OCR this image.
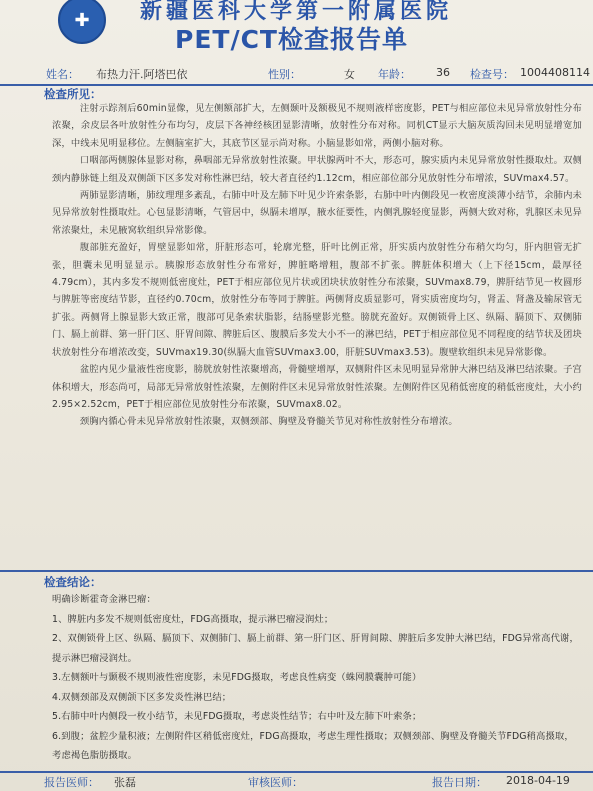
✚	新疆医科大学第一附属医院
PET/CT检查报告单
姓名： 布热力汗.阿塔巴依	性别：	女 年龄： 36 检查号： 1004408114
检查所见：

注射示踪剂后60min显像，见左侧额部扩大，左侧颞叶及额极见不规则液样密度影，PET与相应部位未见异常放射性分布浓聚，余皮层各叶放射性分布均匀，皮层下各神经核团显影清晰，放射性分布对称。同机CT显示大脑灰质沟回未见明显增宽加深，中线未见明显移位。左侧脑室扩大，其底节区显示尚对称。小脑显影如常，两侧小脑对称。

口咽部两侧腺体显影对称，鼻咽部无异常放射性浓聚。甲状腺两叶不大，形态可，腺实质内未见异常放射性摄取灶。双侧颈内静脉链上组及双侧颌下区多发对称性淋巴结，较大者直径约1.12cm，相应部位部分见放射性分布增浓，SUVmax4.57。

两肺显影清晰，肺纹理理多紊乱，右肺中叶及左肺下叶见少许索条影，右肺中叶内侧段见一枚密度淡薄小结节，余肺内未见异常放射性摄取灶。心包显影清晰，气管居中，纵膈未增厚，腋水征要性，内侧乳腺轻度显影，两侧大致对称，乳腺区未见异常浓聚灶，未见腋窝软组织异常影像。

腹部脏充盈好，胃壁显影如常，肝脏形态可，轮廓光整，肝叶比例正常，肝实质内放射性分布稍欠均匀，肝内胆管无扩张，胆囊未见明显显示。胰腺形态放射性分布常好，脾脏略增粗，腹部不扩张。脾脏体积增大（上下径15cm，最厚径4.79cm），其内多发不规则低密度灶，PET于相应部位见片状或团块状放射性分布浓聚，SUVmax8.79，脾肝结节见一枚圆形与脾脏等密度结节影，直径约0.70cm，放射性分布等同于脾脏。两侧肾皮质显影可，肾实质密度均匀，肾盂、肾盏及输尿管无扩张。两侧肾上腺显影大致正常，腹部可见条索状脂影，结肠壁影光整。膀胱充盈好。双侧锁骨上区、纵隔、膈顶下、双侧肺门、膈上前群、第一肝门区、肝胃间隙、脾脏后区、腹膜后多发大小不一的淋巴结，PET于相应部位见不同程度的结节状及团块状放射性分布增浓改变，SUVmax19.30(纵膈大血管SUVmax3.00，肝脏SUVmax3.53)。腹壁软组织未见异常影像。

盆腔内见少量液性密度影，膀胱放射性浓聚增高，骨髓壁增厚，双侧附件区未见明显异常肿大淋巴结及淋巴结浓聚。子宫体积增大，形态尚可，局部无异常放射性浓聚，左侧附件区未见异常放射性浓聚。左侧附件区见稍低密度的稍低密度灶，大小约2.95×2.52cm，PET于相应部位见放射性分布浓聚，SUVmax8.02。

颈胸内循心骨未见异常放射性浓聚，双侧颈部、胸壁及脊髓关节见对称性放射性分布增浓。

检查结论：

明确诊断霍奇金淋巴瘤：

1、脾脏内多发不规则低密度灶，FDG高摄取，提示淋巴瘤浸润灶；

2、双侧锁骨上区、纵隔、膈顶下、双侧肺门、膈上前群、第一肝门区、肝胃间隙、脾脏后多发肿大淋巴结，FDG异常高代谢，提示淋巴瘤浸润灶。

3.左侧额叶与颞极不规则液性密度影，未见FDG摄取，考虑良性病变（蛛网膜囊肿可能）

4.双侧颈部及双侧颌下区多发炎性淋巴结；

5.右肺中叶内侧段一枚小结节，未见FDG摄取，考虑炎性结节；右中叶及左肺下叶索条；

6.到腹；盆腔少量积液；左侧附件区稍低密度灶，FDG高摄取，考虑生理性摄取；双侧颈部、胸壁及脊髓关节FDG稍高摄取，考虑褐色脂肪摄取。

报告医师： 张磊	审核医师：	报告日期： 2018-04-19
